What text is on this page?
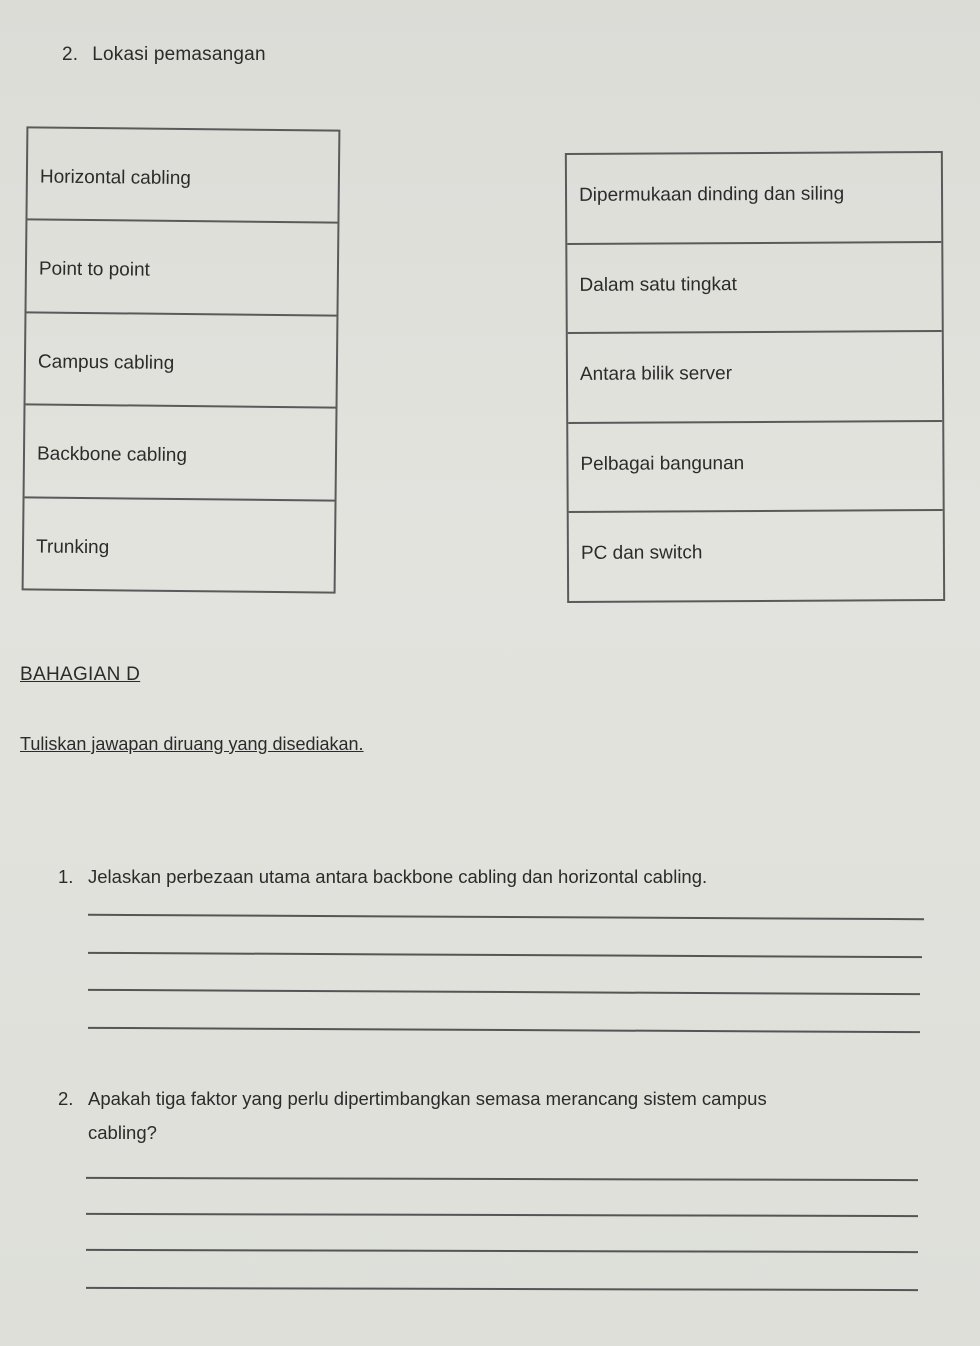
2. Lokasi pemasangan
Horizontal cabling
Point to point
Campus cabling
Backbone cabling
Trunking
Dipermukaan dinding dan siling
Dalam satu tingkat
Antara bilik server
Pelbagai bangunan
PC dan switch
BAHAGIAN D
Tuliskan jawapan diruang yang disediakan.
1. Jelaskan perbezaan utama antara backbone cabling dan horizontal cabling.
2. Apakah tiga faktor yang perlu dipertimbangkan semasa merancang sistem campus
cabling?
